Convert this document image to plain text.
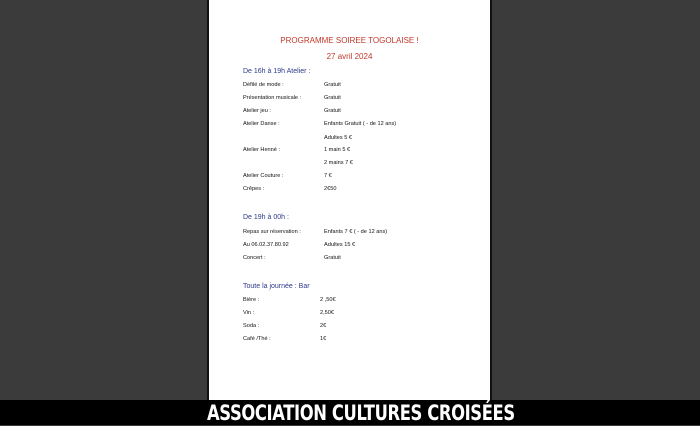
PROGRAMME SOIREE TOGOLAISE !
27 avril 2024
De 16h à 19h Atelier :
Défilé de mode :	Gratuit
Présentation musicale :	Gratuit
Atelier jeu :	Gratuit
Atelier Danse :	Enfants Gratuit ( - de 12 ans)
Adultes 5 €
Atelier Henné :	1 main 5 €
2 mains 7 €
Atelier Couture :	7 €
Crêpes :	2€50
De 19h à 00h :
Repas sur réservation :	Enfants 7 € ( - de 12 ans)
Au 06.02.37.80.92	Adultes 15 €
Concert :	Gratuit
Toute la journée : Bar
Bière :	2 ,50€
Vin :	2,50€
Soda :	2€
Café /Thé :	1€
ASSOCIATION CULTURES CROISÉES
